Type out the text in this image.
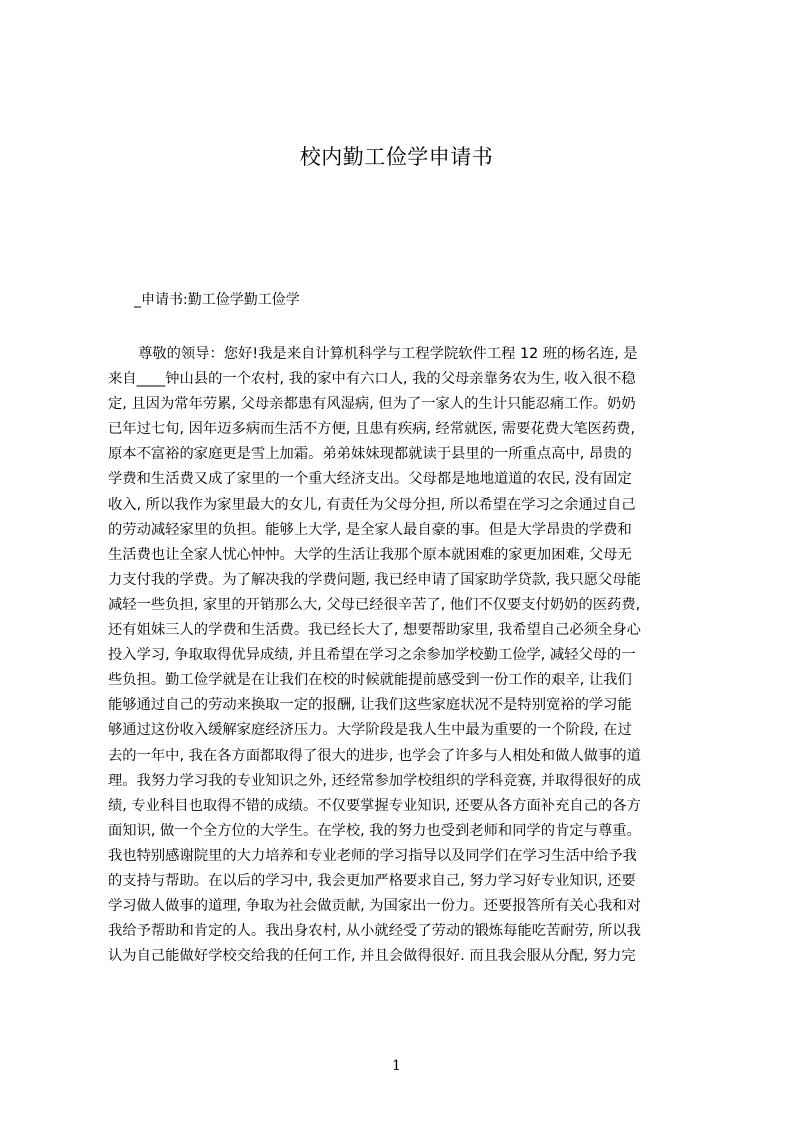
校内勤工俭学申请书
_申请书:勤工俭学勤工俭学
尊敬的领导：您好!我是来自计算机科学与工程学院软件工程 12 班的杨名连, 是
来自____钟山县的一个农村, 我的家中有六口人, 我的父母亲靠务农为生, 收入很不稳
定, 且因为常年劳累, 父母亲都患有风湿病, 但为了一家人的生计只能忍痛工作。奶奶
已年过七旬, 因年迈多病而生活不方便, 且患有疾病, 经常就医, 需要花费大笔医药费,
原本不富裕的家庭更是雪上加霜。弟弟妹妹现都就读于县里的一所重点高中, 昂贵的
学费和生活费又成了家里的一个重大经济支出。父母都是地地道道的农民, 没有固定
收入, 所以我作为家里最大的女儿, 有责任为父母分担, 所以希望在学习之余通过自己
的劳动减轻家里的负担。能够上大学, 是全家人最自豪的事。但是大学昂贵的学费和
生活费也让全家人忧心忡忡。大学的生活让我那个原本就困难的家更加困难, 父母无
力支付我的学费。为了解决我的学费问题, 我已经申请了国家助学贷款, 我只愿父母能
减轻一些负担, 家里的开销那么大, 父母已经很辛苦了, 他们不仅要支付奶奶的医药费,
还有姐妹三人的学费和生活费。我已经长大了, 想要帮助家里, 我希望自己必须全身心
投入学习, 争取取得优异成绩, 并且希望在学习之余参加学校勤工俭学, 减轻父母的一
些负担。勤工俭学就是在让我们在校的时候就能提前感受到一份工作的艰辛, 让我们
能够通过自己的劳动来换取一定的报酬, 让我们这些家庭状况不是特别宽裕的学习能
够通过这份收入缓解家庭经济压力。大学阶段是我人生中最为重要的一个阶段, 在过
去的一年中, 我在各方面都取得了很大的进步, 也学会了许多与人相处和做人做事的道
理。我努力学习我的专业知识之外, 还经常参加学校组织的学科竞赛, 并取得很好的成
绩, 专业科目也取得不错的成绩。不仅要掌握专业知识, 还要从各方面补充自己的各方
面知识, 做一个全方位的大学生。在学校, 我的努力也受到老师和同学的肯定与尊重。
我也特别感谢院里的大力培养和专业老师的学习指导以及同学们在学习生活中给予我
的支持与帮助。在以后的学习中, 我会更加严格要求自己, 努力学习好专业知识, 还要
学习做人做事的道理, 争取为社会做贡献, 为国家出一份力。还要报答所有关心我和对
我给予帮助和肯定的人。我出身农村, 从小就经受了劳动的锻炼每能吃苦耐劳, 所以我
认为自己能做好学校交给我的任何工作, 并且会做得很好. 而且我会服从分配, 努力完
1
